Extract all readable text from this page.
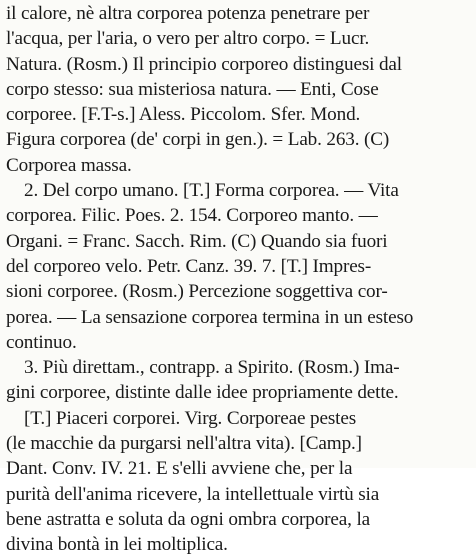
il calore, nè altra corporea potenza penetrare per
l'acqua, per l'aria, o vero per altro corpo. = Lucr.
Natura. (Rosm.) Il principio corporeo distinguesi dal
corpo stesso: sua misteriosa natura. — Enti, Cose
corporee. [F.T-s.] Aless. Piccolom. Sfer. Mond.
Figura corporea (de' corpi in gen.). = Lab. 263. (C)
Corporea massa.
2. Del corpo umano. [T.] Forma corporea. — Vita
corporea. Filic. Poes. 2. 154. Corporeo manto. —
Organi. = Franc. Sacch. Rim. (C) Quando sia fuori
del corporeo velo. Petr. Canz. 39. 7. [T.] Impres-
sioni corporee. (Rosm.) Percezione soggettiva cor-
porea. — La sensazione corporea termina in un esteso
continuo.
3. Più direttam., contrapp. a Spirito. (Rosm.) Ima-
gini corporee, distinte dalle idee propriamente dette.
[T.] Piaceri corporei. Virg. Corporeae pestes
(le macchie da purgarsi nell'altra vita). [Camp.]
Dant. Conv. IV. 21. E s'elli avviene che, per la
purità dell'anima ricevere, la intellettuale virtù sia
bene astratta e soluta da ogni ombra corporea, la
divina bontà in lei moltiplica.
